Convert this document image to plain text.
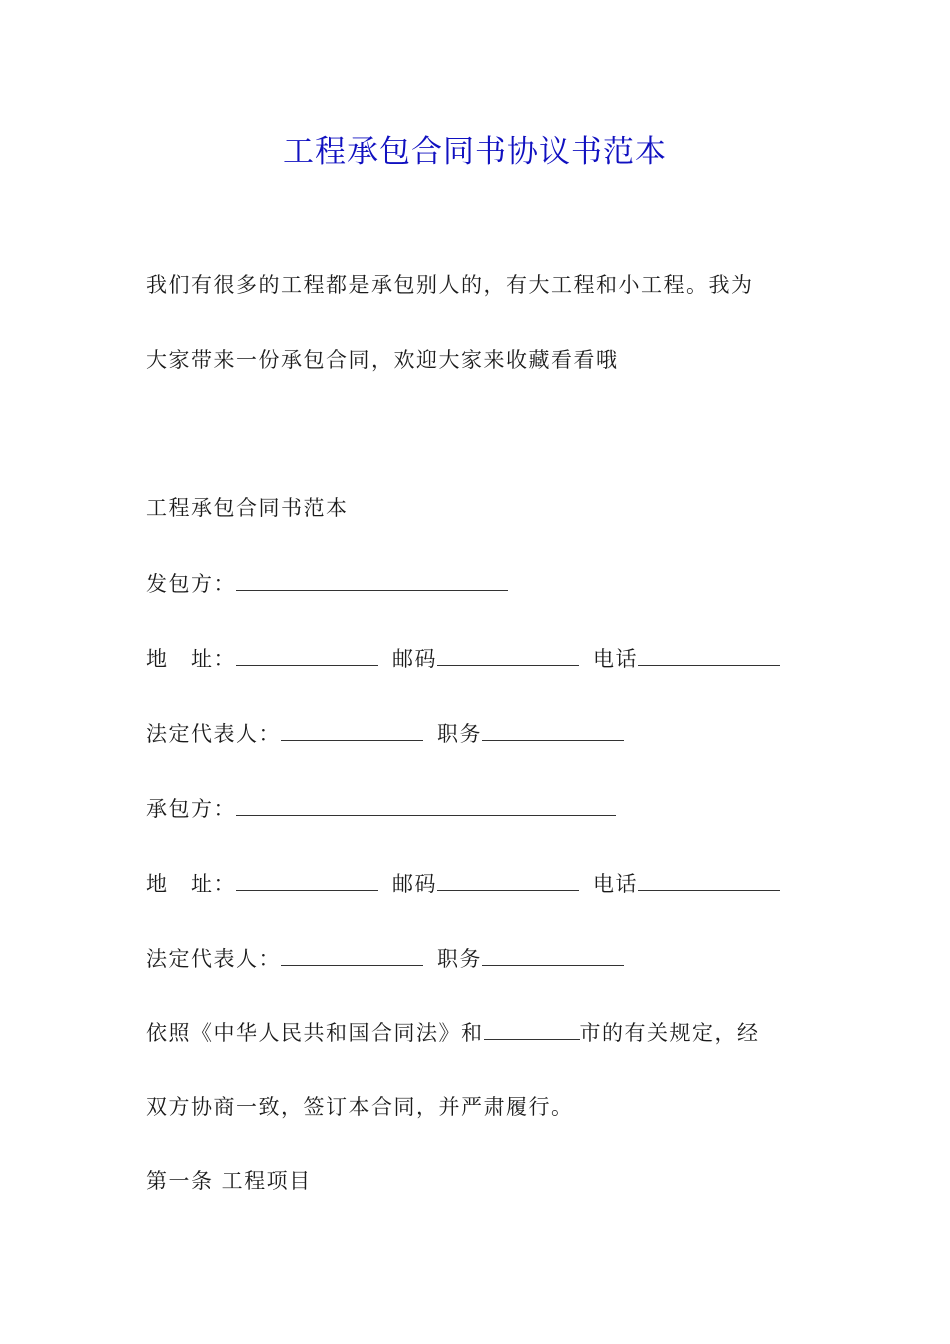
工程承包合同书协议书范本
我们有很多的工程都是承包别人的，有大工程和小工程。我为
大家带来一份承包合同，欢迎大家来收藏看看哦
工程承包合同书范本
发包方：
地　址：	邮码	电话
法定代表人：	职务
承包方：
地　址：	邮码	电话
法定代表人：	职务
依照《中华人民共和国合同法》和	市的有关规定，经
双方协商一致，签订本合同，并严肃履行。
第一条 工程项目
